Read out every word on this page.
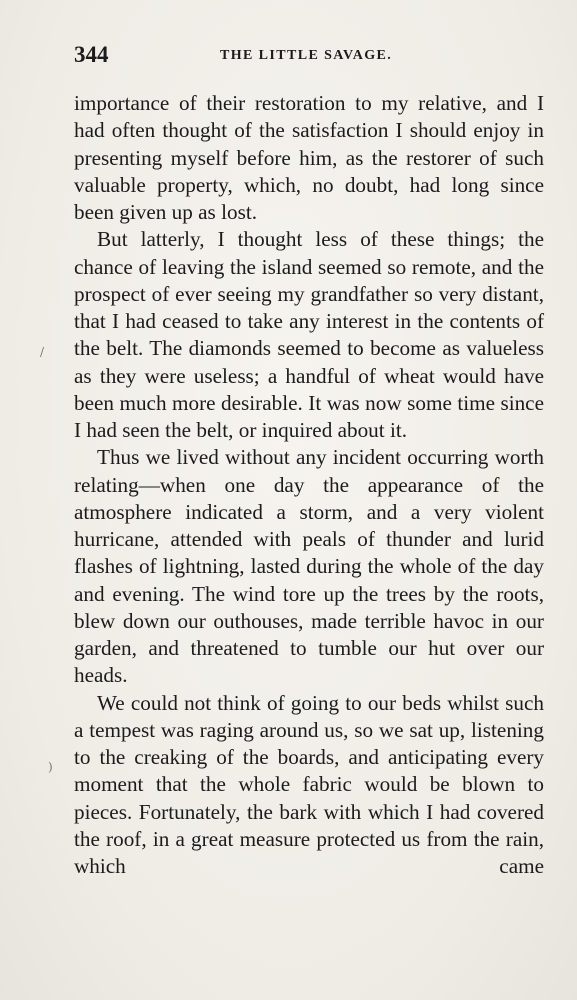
344	THE LITTLE SAVAGE.
/
)

importance of their restoration to my relative, and I had often thought of the satisfaction I should enjoy in presenting myself before him, as the restorer of such valuable property, which, no doubt, had long since been given up as lost.

But latterly, I thought less of these things; the chance of leaving the island seemed so remote, and the prospect of ever seeing my grandfather so very distant, that I had ceased to take any interest in the contents of the belt. The diamonds seemed to become as valueless as they were useless; a handful of wheat would have been much more desirable. It was now some time since I had seen the belt, or inquired about it.

Thus we lived without any incident occurring worth relating—when one day the appearance of the atmosphere indicated a storm, and a very violent hurricane, attended with peals of thunder and lurid flashes of lightning, lasted during the whole of the day and evening. The wind tore up the trees by the roots, blew down our outhouses, made terrible havoc in our garden, and threatened to tumble our hut over our heads.

We could not think of going to our beds whilst such a tempest was raging around us, so we sat up, listening to the creaking of the boards, and anticipating every moment that the whole fabric would be blown to pieces. Fortunately, the bark with which I had covered the roof, in a great measure protected us from the rain, which came
